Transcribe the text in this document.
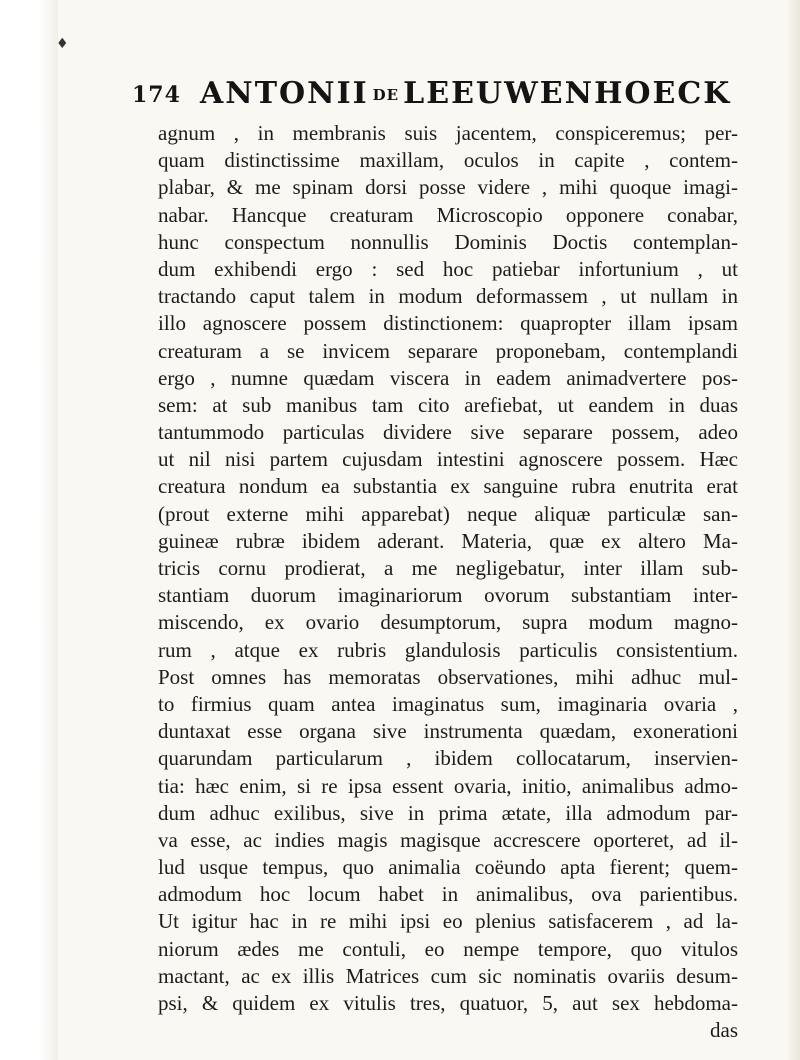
♦
174 ANTONII DE LEEUWENHOECK
agnum , in membranis suis jacentem, conspiceremus; per-
quam distinctissime maxillam, oculos in capite , contem-
plabar, & me spinam dorsi posse videre , mihi quoque imagi-
nabar. Hancque creaturam Microscopio opponere conabar,
hunc conspectum nonnullis Dominis Doctis contemplan-
dum exhibendi ergo : sed hoc patiebar infortunium , ut
tractando caput talem in modum deformassem , ut nullam in
illo agnoscere possem distinctionem: quapropter illam ipsam
creaturam a se invicem separare proponebam, contemplandi
ergo , numne quædam viscera in eadem animadvertere pos-
sem: at sub manibus tam cito arefiebat, ut eandem in duas
tantummodo particulas dividere sive separare possem, adeo
ut nil nisi partem cujusdam intestini agnoscere possem. Hæc
creatura nondum ea substantia ex sanguine rubra enutrita erat
(prout externe mihi apparebat) neque aliquæ particulæ san-
guineæ rubræ ibidem aderant. Materia, quæ ex altero Ma-
tricis cornu prodierat, a me negligebatur, inter illam sub-
stantiam duorum imaginariorum ovorum substantiam inter-
miscendo, ex ovario desumptorum, supra modum magno-
rum , atque ex rubris glandulosis particulis consistentium.
Post omnes has memoratas observationes, mihi adhuc mul-
to firmius quam antea imaginatus sum, imaginaria ovaria ,
duntaxat esse organa sive instrumenta quædam, exonerationi
quarundam particularum , ibidem collocatarum, inservien-
tia: hæc enim, si re ipsa essent ovaria, initio, animalibus admo-
dum adhuc exilibus, sive in prima ætate, illa admodum par-
va esse, ac indies magis magisque accrescere oporteret, ad il-
lud usque tempus, quo animalia coëundo apta fierent; quem-
admodum hoc locum habet in animalibus, ova parientibus.
Ut igitur hac in re mihi ipsi eo plenius satisfacerem , ad la-
niorum ædes me contuli, eo nempe tempore, quo vitulos
mactant, ac ex illis Matrices cum sic nominatis ovariis desum-
psi, & quidem ex vitulis tres, quatuor, 5, aut sex hebdoma-
das
